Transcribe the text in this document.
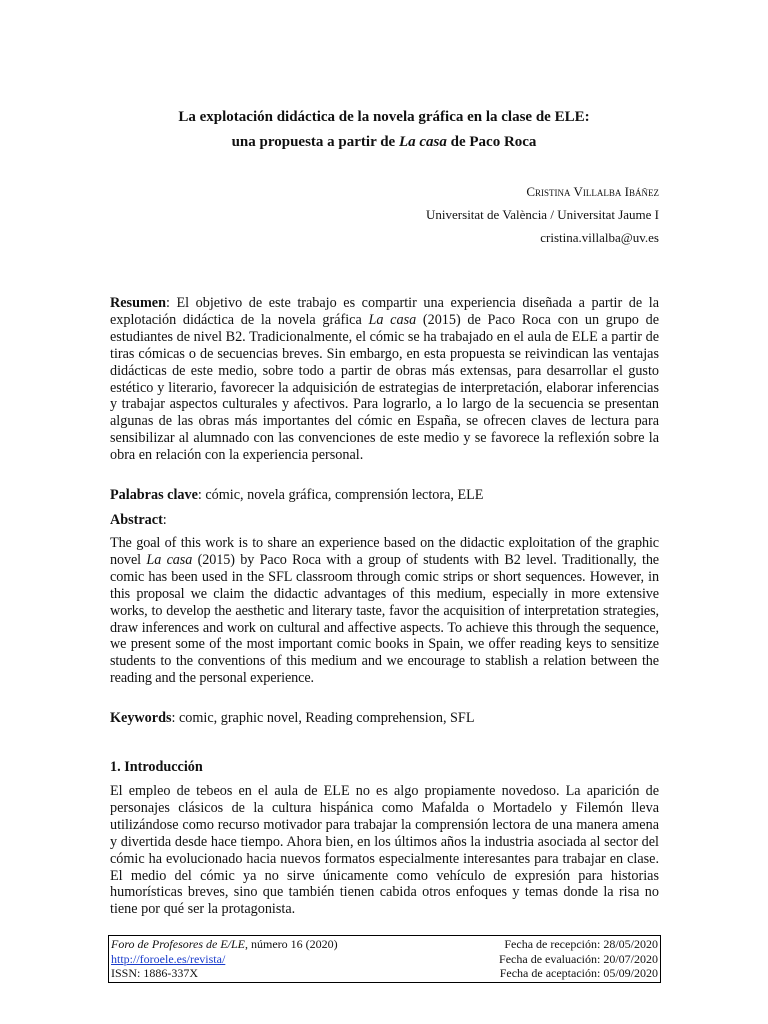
La explotación didáctica de la novela gráfica en la clase de ELE:

una propuesta a partir de La casa de Paco Roca

Cristina Villalba Ibáñez
Universitat de València / Universitat Jaume I
cristina.villalba@uv.es

Resumen: El objetivo de este trabajo es compartir una experiencia diseñada a partir de la explotación didáctica de la novela gráfica La casa (2015) de Paco Roca con un grupo de estudiantes de nivel B2. Tradicionalmente, el cómic se ha trabajado en el aula de ELE a partir de tiras cómicas o de secuencias breves. Sin embargo, en esta propuesta se reivindican las ventajas didácticas de este medio, sobre todo a partir de obras más extensas, para desarrollar el gusto estético y literario, favorecer la adquisición de estrategias de interpretación, elaborar inferencias y trabajar aspectos culturales y afectivos. Para lograrlo, a lo largo de la secuencia se presentan algunas de las obras más importantes del cómic en España, se ofrecen claves de lectura para sensibilizar al alumnado con las convenciones de este medio y se favorece la reflexión sobre la obra en relación con la experiencia personal.

Palabras clave: cómic, novela gráfica, comprensión lectora, ELE

Abstract:

The goal of this work is to share an experience based on the didactic exploitation of the graphic novel La casa (2015) by Paco Roca with a group of students with B2 level. Traditionally, the comic has been used in the SFL classroom through comic strips or short sequences. However, in this proposal we claim the didactic advantages of this medium, especially in more extensive works, to develop the aesthetic and literary taste, favor the acquisition of interpretation strategies, draw inferences and work on cultural and affective aspects. To achieve this through the sequence, we present some of the most important comic books in Spain, we offer reading keys to sensitize students to the conventions of this medium and we encourage to stablish a relation between the reading and the personal experience.

Keywords: comic, graphic novel, Reading comprehension, SFL

1. Introducción

El empleo de tebeos en el aula de ELE no es algo propiamente novedoso. La aparición de personajes clásicos de la cultura hispánica como Mafalda o Mortadelo y Filemón lleva utilizándose como recurso motivador para trabajar la comprensión lectora de una manera amena y divertida desde hace tiempo. Ahora bien, en los últimos años la industria asociada al sector del cómic ha evolucionado hacia nuevos formatos especialmente interesantes para trabajar en clase. El medio del cómic ya no sirve únicamente como vehículo de expresión para historias humorísticas breves, sino que también tienen cabida otros enfoques y temas donde la risa no tiene por qué ser la protagonista.

Foro de Profesores de E/LE, número 16 (2020)
http://foroele.es/revista/
ISSN: 1886-337X
Fecha de recepción: 28/05/2020
Fecha de evaluación: 20/07/2020
Fecha de aceptación: 05/09/2020
